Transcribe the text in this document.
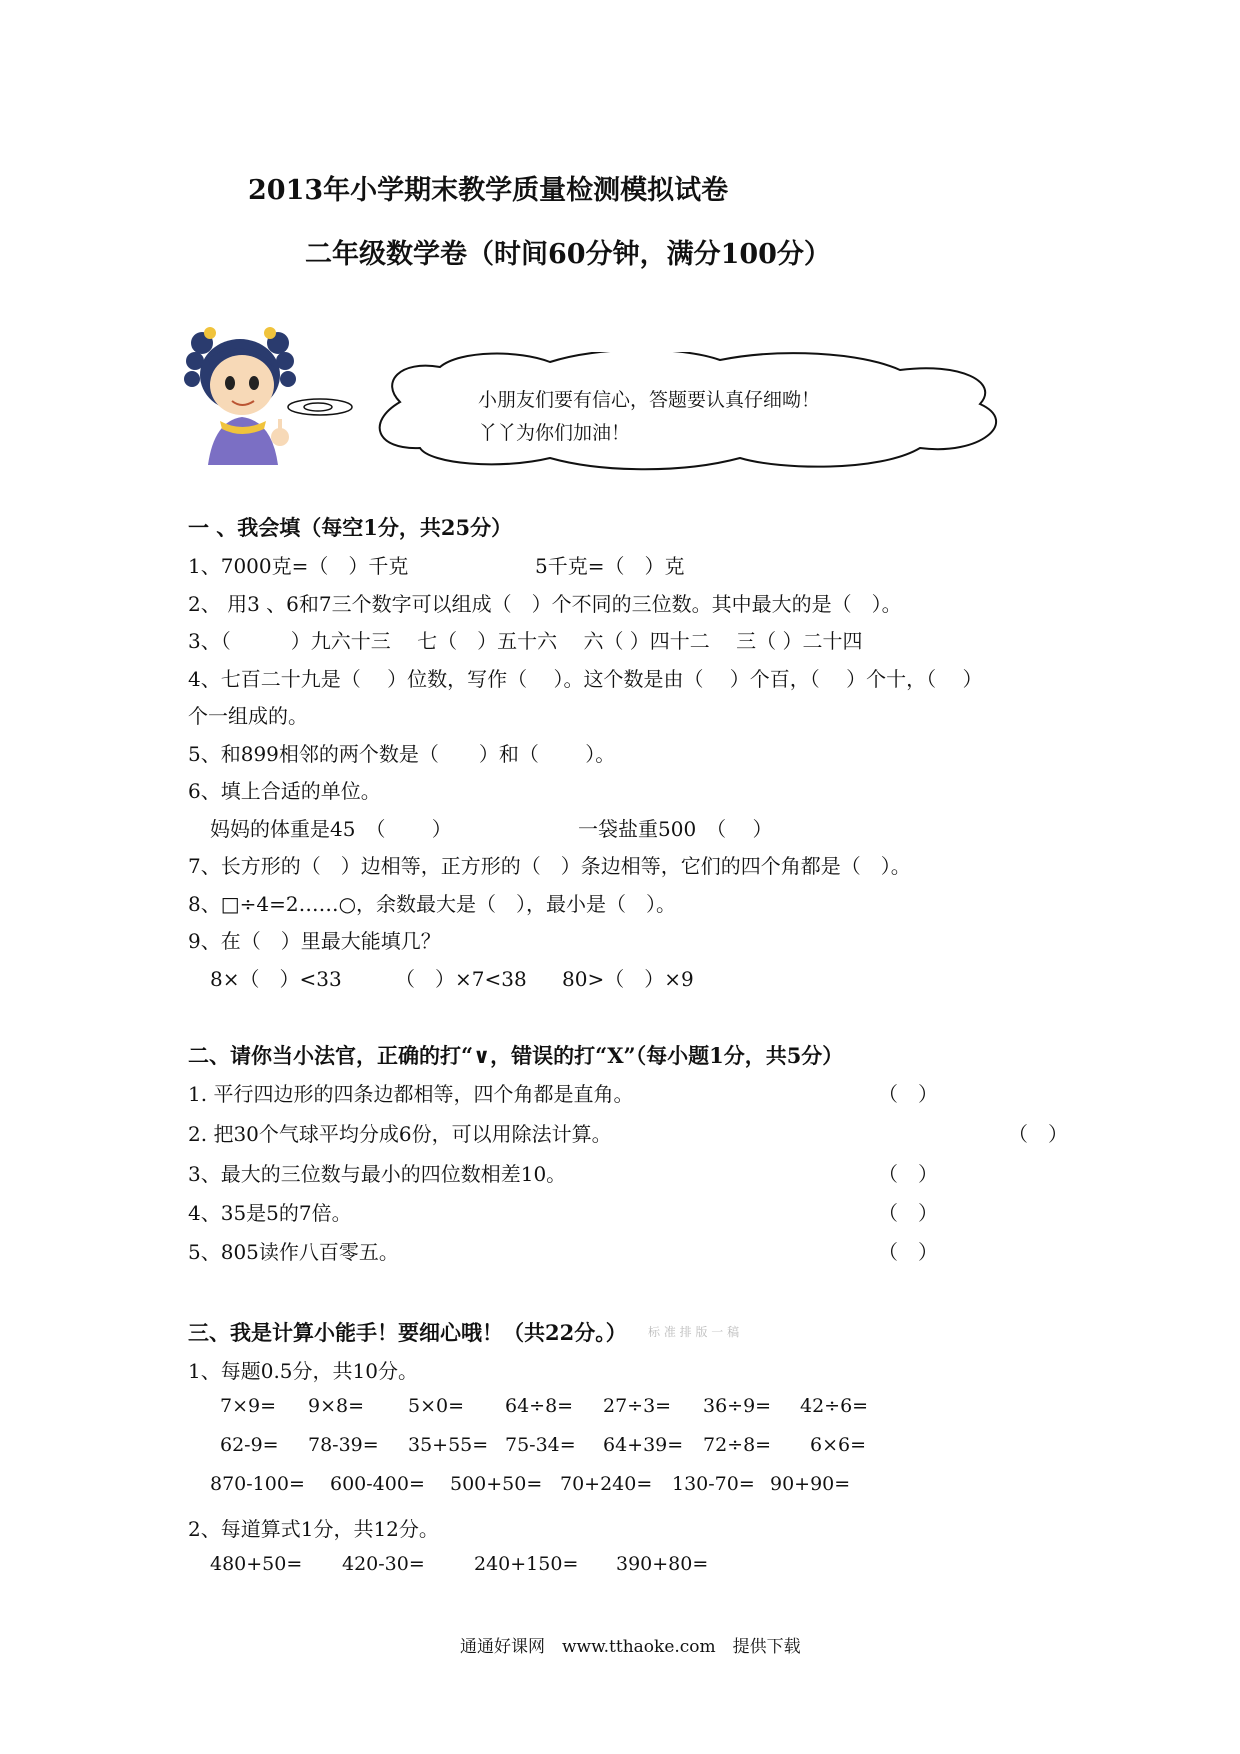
2013年小学期末教学质量检测模拟试卷
二年级数学卷（时间60分钟，满分100分）
小朋友们要有信心，答题要认真仔细呦！
丫丫为你们加油！
一 、我会填（每空1分，共25分）
1、7000克=（　）千克	5千克=（　）克
2、 用3 、6和7三个数字可以组成（　）个不同的三位数。其中最大的是（　）。
3、（　　　）九六十三　 七（　）五十六　 六（ ）四十二　 三（ ）二十四
4、七百二十九是（　 ）位数，写作（　 ）。这个数是由（　 ）个百，（　 ）个十，（　 ）
个一组成的。
5、和899相邻的两个数是（　　）和（　　 ）。
6、填上合适的单位。
妈妈的体重是45　（　　 ）	一袋盐重500　（　 ）
7、长方形的（　）边相等，正方形的（　）条边相等，它们的四个角都是（　）。
8、□÷4=2……○，余数最大是（　），最小是（　）。
9、在（　）里最大能填几？
8×（　）<33	（　）×7<38 80>（　）×9
二、请你当小法官，正确的打“∨，错误的打“X”（每小题1分，共5分）
1. 平行四边形的四条边都相等，四个角都是直角。	（　）
2. 把30个气球平均分成6份，可以用除法计算。	（　）
3、最大的三位数与最小的四位数相差10。	（　）
4、35是5的7倍。	（　）
5、805读作八百零五。	（　）
三、我是计算小能手！要细心哦！（共22分。） 标 准 排 版 一 稿
1、每题0.5分，共10分。
7×9= 9×8= 5×0= 64÷8= 27÷3= 36÷9= 42÷6=
62-9= 78-39= 35+55= 75-34= 64+39= 72÷8= 6×6=
870-100= 600-400= 500+50= 70+240= 130-70= 90+90=
2、每道算式1分，共12分。
480+50= 420-30=	240+150= 390+80=
通通好课网　www.tthaoke.com　提供下载
